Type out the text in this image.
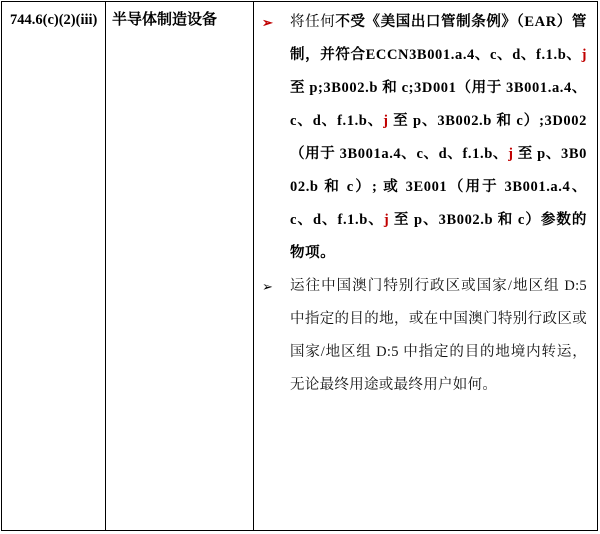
744.6(c)(2)(iii)	半导体制造设备	➢ 将任何不受《美国出口管制条例》（EAR）管制，并符合ECCN3B001.a.4、c、d、f.1.b、j 至 p;3B002.b 和 c;3D001（用于 3B001.a.4、c、d、f.1.b、j 至 p、3B002.b 和 c）;3D002（用于 3B001a.4、c、d、f.1.b、j 至 p、3B002.b 和 c）; 或 3E001（用于 3B001.a.4、c、d、f.1.b、j 至 p、3B002.b 和 c）参数的物项。
➢ 运往中国澳门特别行政区或国家/地区组 D:5 中指定的目的地，或在中国澳门特别行政区或国家/地区组 D:5 中指定的目的地境内转运，无论最终用途或最终用户如何。
